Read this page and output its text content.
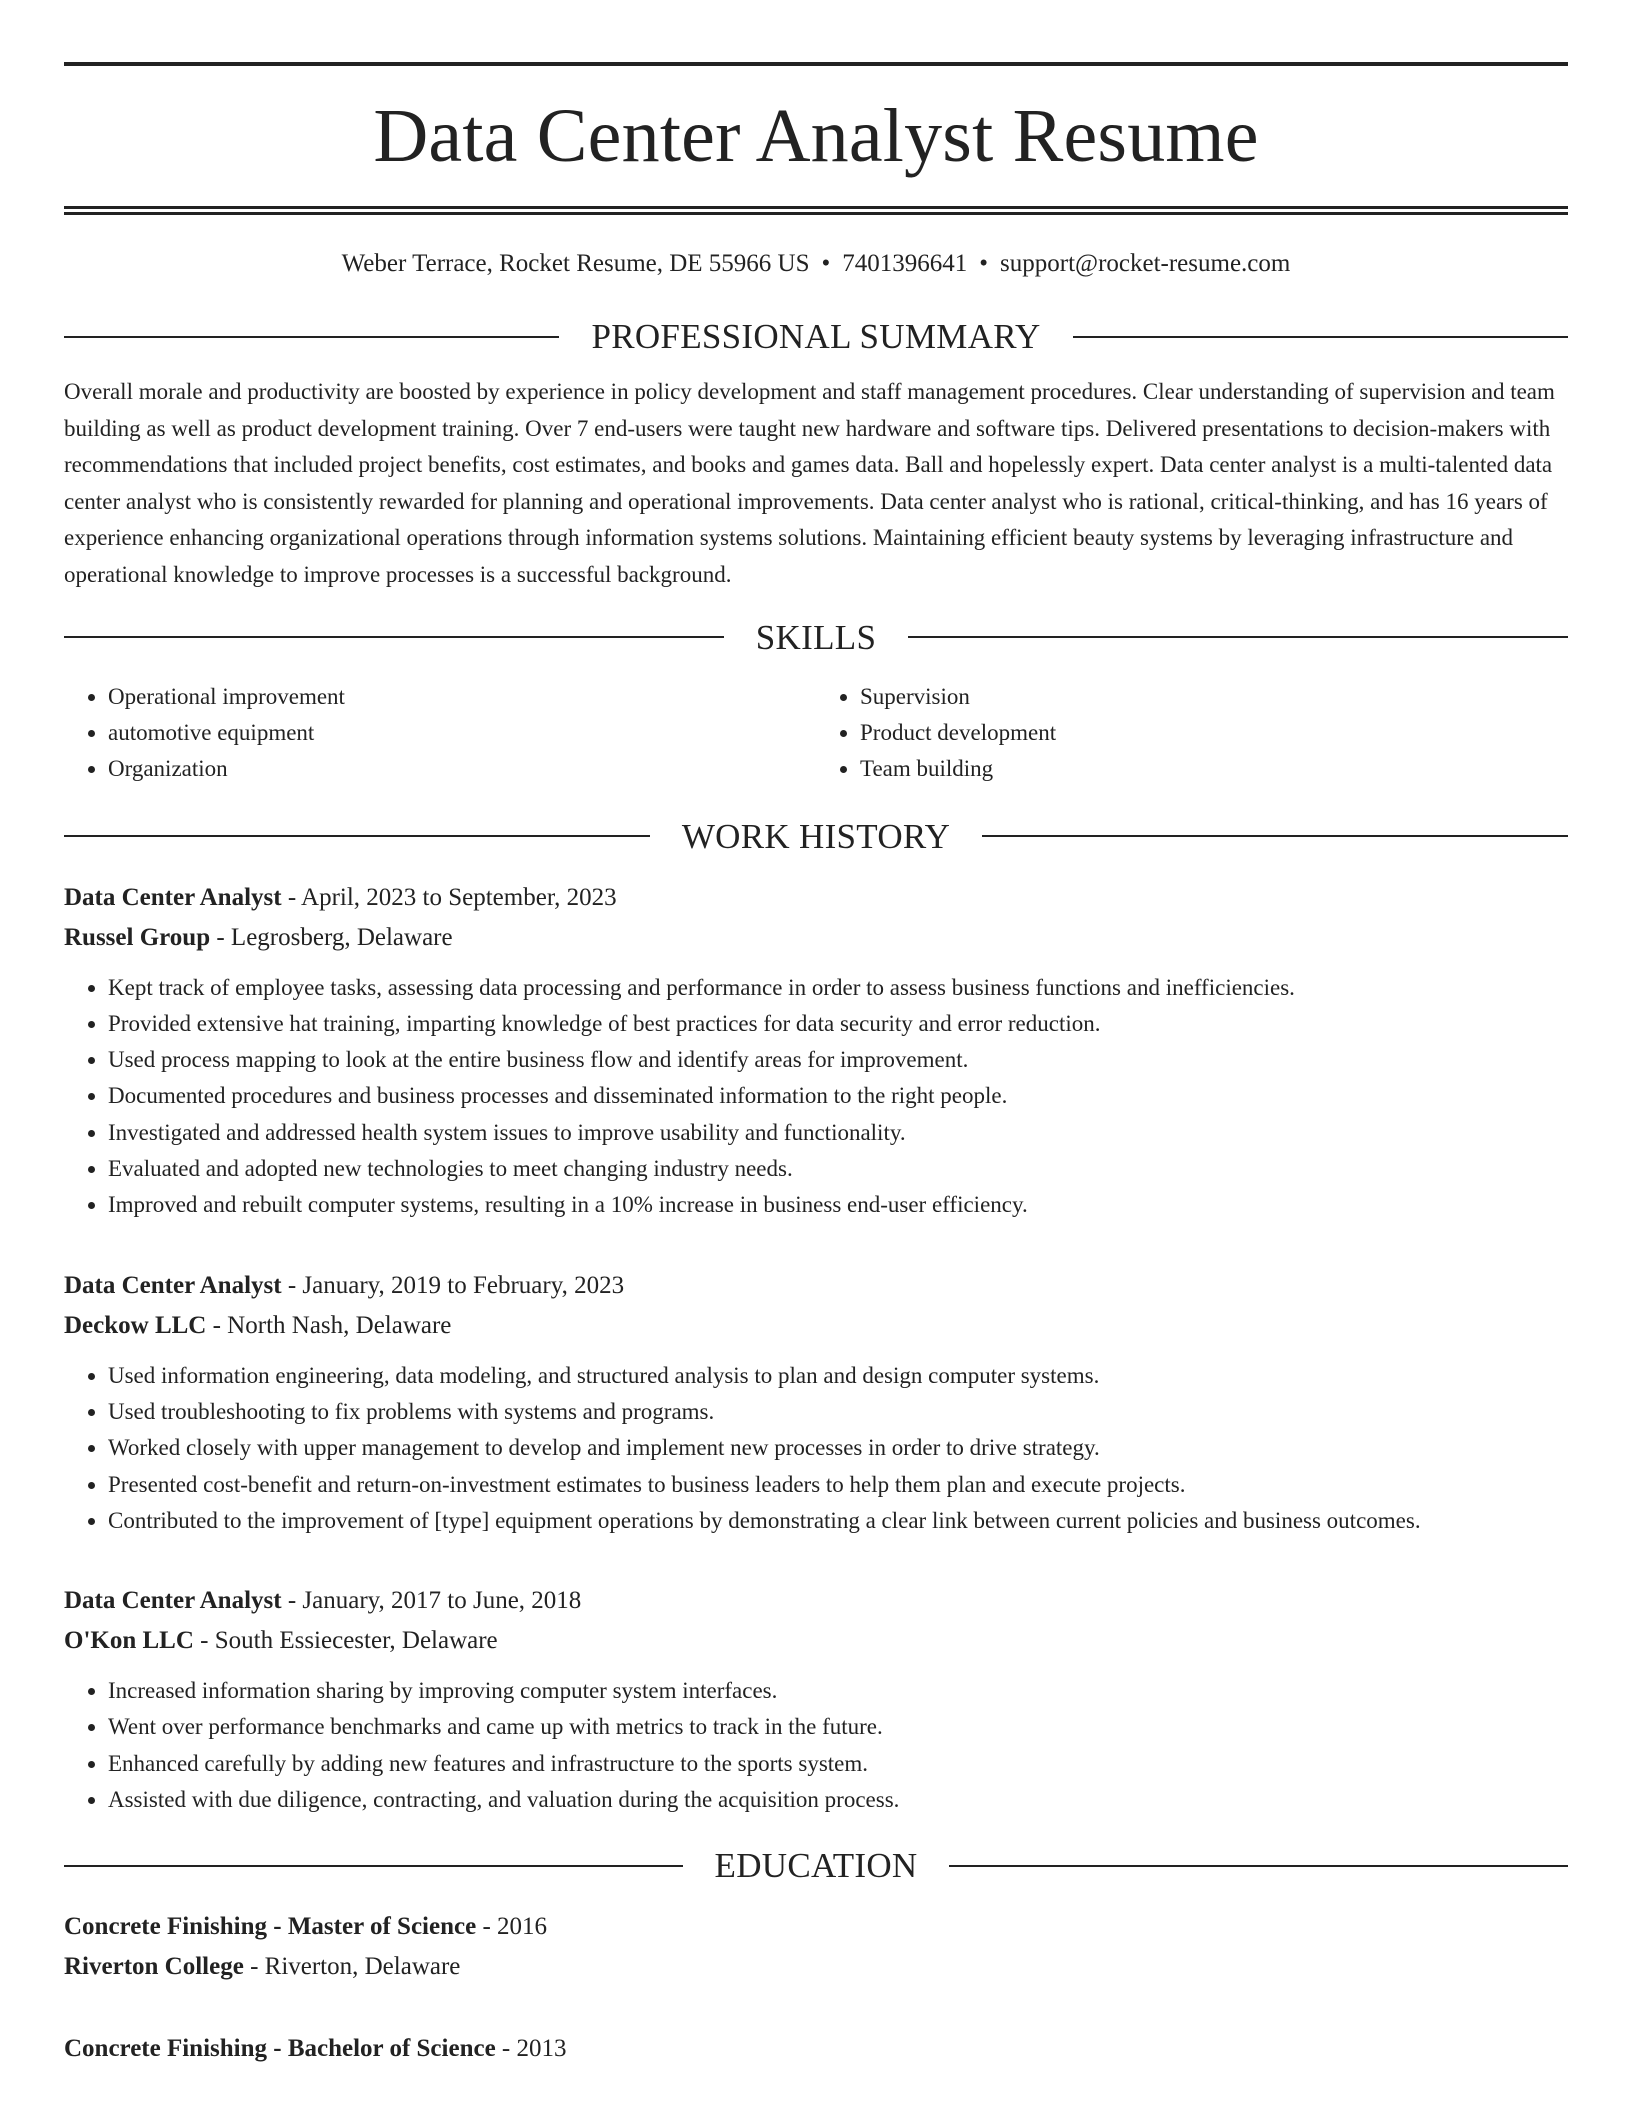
Data Center Analyst Resume
Weber Terrace, Rocket Resume, DE 55966 US • 7401396641 • support@rocket-resume.com
PROFESSIONAL SUMMARY

Overall morale and productivity are boosted by experience in policy development and staff management procedures. Clear understanding of supervision and team building as well as product development training. Over 7 end-users were taught new hardware and software tips. Delivered presentations to decision-makers with recommendations that included project benefits, cost estimates, and books and games data. Ball and hopelessly expert. Data center analyst is a multi-talented data center analyst who is consistently rewarded for planning and operational improvements. Data center analyst who is rational, critical-thinking, and has 16 years of experience enhancing organizational operations through information systems solutions. Maintaining efficient beauty systems by leveraging infrastructure and operational knowledge to improve processes is a successful background.

SKILLS
• Operational improvement
• automotive equipment
• Organization
• Supervision
• Product development
• Team building
WORK HISTORY
Data Center Analyst - April, 2023 to September, 2023
Russel Group - Legrosberg, Delaware
• Kept track of employee tasks, assessing data processing and performance in order to assess business functions and inefficiencies.
• Provided extensive hat training, imparting knowledge of best practices for data security and error reduction.
• Used process mapping to look at the entire business flow and identify areas for improvement.
• Documented procedures and business processes and disseminated information to the right people.
• Investigated and addressed health system issues to improve usability and functionality.
• Evaluated and adopted new technologies to meet changing industry needs.
• Improved and rebuilt computer systems, resulting in a 10% increase in business end-user efficiency.
Data Center Analyst - January, 2019 to February, 2023
Deckow LLC - North Nash, Delaware
• Used information engineering, data modeling, and structured analysis to plan and design computer systems.
• Used troubleshooting to fix problems with systems and programs.
• Worked closely with upper management to develop and implement new processes in order to drive strategy.
• Presented cost-benefit and return-on-investment estimates to business leaders to help them plan and execute projects.
• Contributed to the improvement of [type] equipment operations by demonstrating a clear link between current policies and business outcomes.
Data Center Analyst - January, 2017 to June, 2018
O'Kon LLC - South Essiecester, Delaware
• Increased information sharing by improving computer system interfaces.
• Went over performance benchmarks and came up with metrics to track in the future.
• Enhanced carefully by adding new features and infrastructure to the sports system.
• Assisted with due diligence, contracting, and valuation during the acquisition process.
EDUCATION
Concrete Finishing - Master of Science - 2016
Riverton College - Riverton, Delaware
Concrete Finishing - Bachelor of Science - 2013
